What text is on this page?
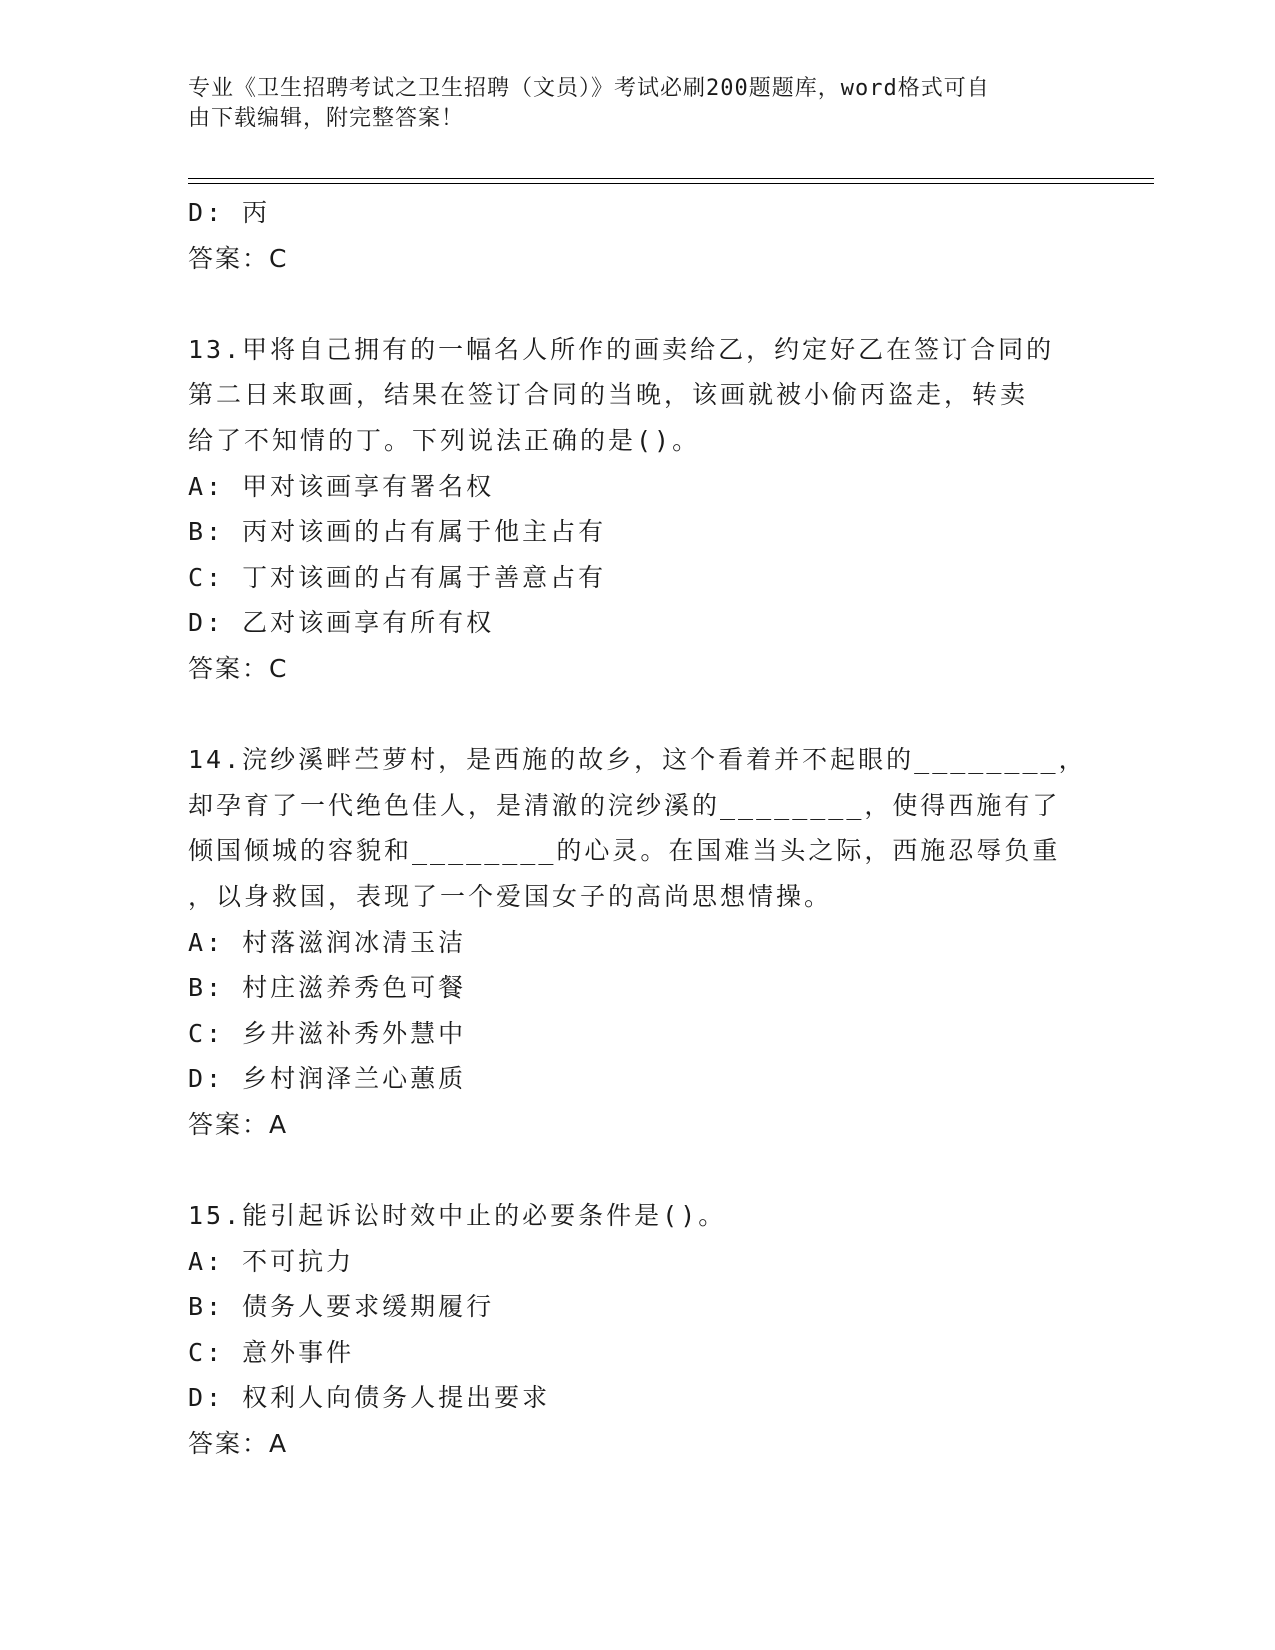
专业《卫生招聘考试之卫生招聘（文员）》考试必刷200题题库，word格式可自
由下载编辑，附完整答案！
D: 丙
答案：C
13.甲将自己拥有的一幅名人所作的画卖给乙，约定好乙在签订合同的
第二日来取画，结果在签订合同的当晚，该画就被小偷丙盗走，转卖
给了不知情的丁。下列说法正确的是()。
A: 甲对该画享有署名权
B: 丙对该画的占有属于他主占有
C: 丁对该画的占有属于善意占有
D: 乙对该画享有所有权
答案：C
14.浣纱溪畔苎萝村，是西施的故乡，这个看着并不起眼的________，
却孕育了一代绝色佳人，是清澈的浣纱溪的________，使得西施有了
倾国倾城的容貌和________的心灵。在国难当头之际，西施忍辱负重
，以身救国，表现了一个爱国女子的高尚思想情操。
A: 村落滋润冰清玉洁
B: 村庄滋养秀色可餐
C: 乡井滋补秀外慧中
D: 乡村润泽兰心蕙质
答案：A
15.能引起诉讼时效中止的必要条件是()。
A: 不可抗力
B: 债务人要求缓期履行
C: 意外事件
D: 权利人向债务人提出要求
答案：A
